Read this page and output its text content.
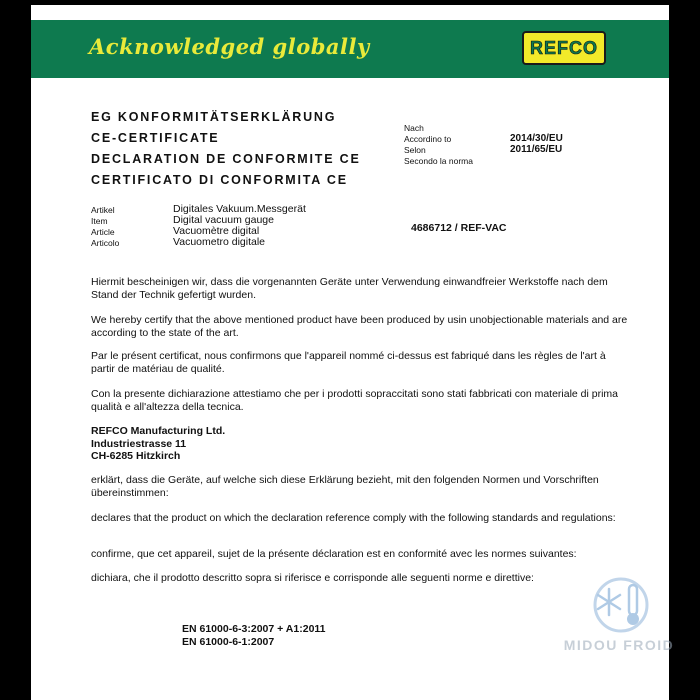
Acknowledged globally	REFCO
EG KONFORMITÄTSERKLÄRUNG
CE-CERTIFICATE
DECLARATION DE CONFORMITE CE
CERTIFICATO DI CONFORMITA CE
Nach
Accordino to
Selon
Secondo la norma
2014/30/EU
2011/65/EU
Artikel
Item
Article
Articolo
Digitales Vakuum.Messgerät
Digital vacuum gauge
Vacuomètre digital
Vacuometro digitale
4686712 / REF-VAC
Hiermit bescheinigen wir, dass die vorgenannten Geräte unter Verwendung einwandfreier Werkstoffe nach dem Stand der Technik gefertigt wurden.
We hereby certify that the above mentioned product have been produced by usin unobjectionable materials and are according to the state of the art.
Par le présent certificat, nous confirmons que l'appareil nommé ci-dessus est fabriqué dans les règles de l'art à partir de matériau de qualité.
Con la presente dichiarazione attestiamo che per i prodotti sopraccitati sono stati fabbricati con materiale di prima qualità e all'altezza della tecnica.
REFCO Manufacturing Ltd.
Industriestrasse 11
CH-6285 Hitzkirch
erklärt, dass die Geräte, auf welche sich diese Erklärung bezieht, mit den folgenden Normen und Vorschriften übereinstimmen:
declares that the product on which the declaration reference comply with the following standards and regulations:
confirme, que cet appareil, sujet de la présente déclaration est en conformité avec les normes suivantes:
dichiara, che il prodotto descritto sopra si riferisce e corrisponde alle seguenti norme e direttive:
EN 61000-6-3:2007 + A1:2011
EN 61000-6-1:2007	MIDOU FROID
